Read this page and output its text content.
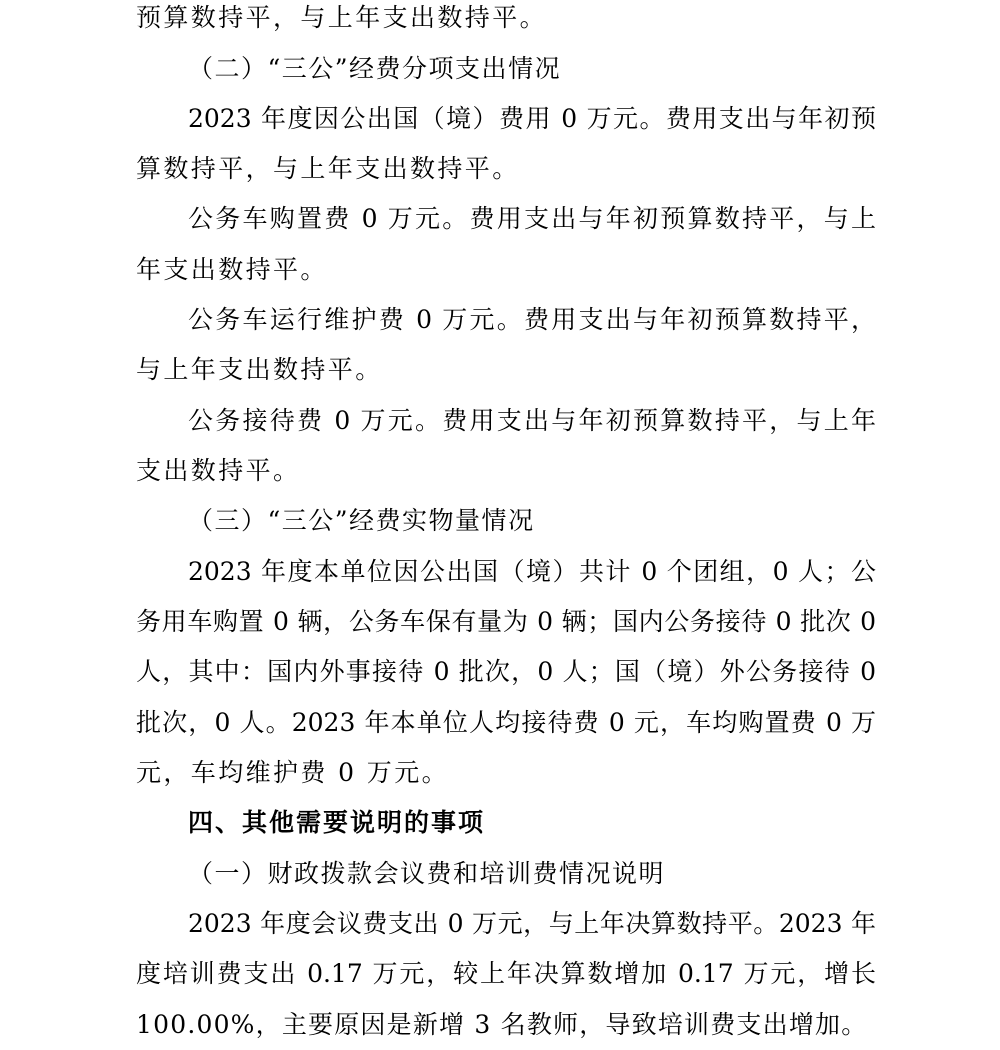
预算数持平，与上年支出数持平。
（二）“三公”经费分项支出情况
2023 年度因公出国（境）费用 0 万元。费用支出与年初预
算数持平，与上年支出数持平。
公务车购置费 0 万元。费用支出与年初预算数持平，与上
年支出数持平。
公务车运行维护费 0 万元。费用支出与年初预算数持平，
与上年支出数持平。
公务接待费 0 万元。费用支出与年初预算数持平，与上年
支出数持平。
（三）“三公”经费实物量情况
2023 年度本单位因公出国（境）共计 0 个团组，0 人；公
务用车购置 0 辆，公务车保有量为 0 辆；国内公务接待 0 批次 0
人，其中：国内外事接待 0 批次，0 人；国（境）外公务接待 0
批次，0 人。2023 年本单位人均接待费 0 元，车均购置费 0 万
元，车均维护费 0 万元。
四、其他需要说明的事项
（一）财政拨款会议费和培训费情况说明
2023 年度会议费支出 0 万元，与上年决算数持平。2023 年
度培训费支出 0.17 万元，较上年决算数增加 0.17 万元，增长
100.00%，主要原因是新增 3 名教师，导致培训费支出增加。
